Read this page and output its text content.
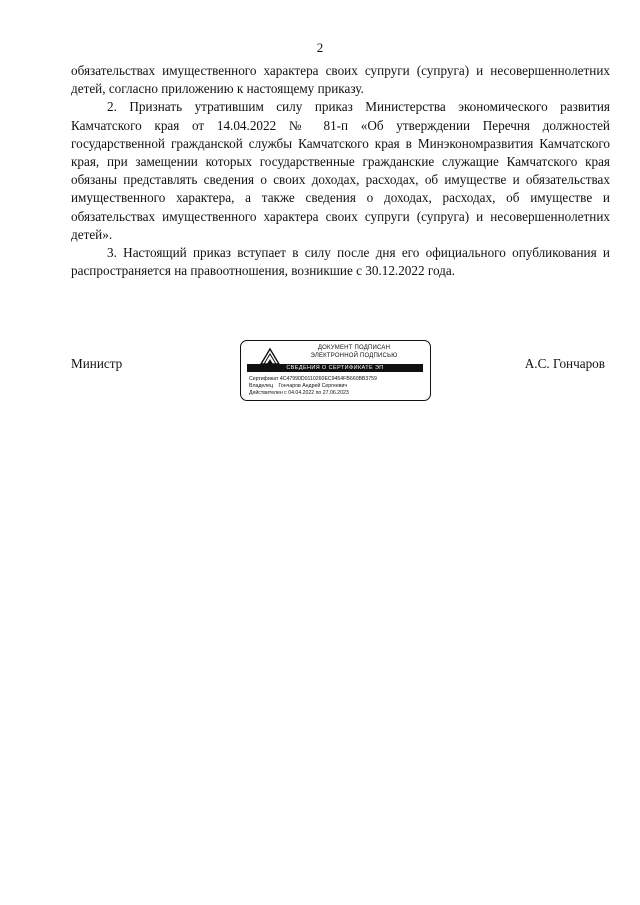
2

обязательствах имущественного характера своих супруги (супруга) и несовершеннолетних детей, согласно приложению к настоящему приказу.

2. Признать утратившим силу приказ Министерства экономического развития Камчатского края от 14.04.2022 № 81-п «Об утверждении Перечня должностей государственной гражданской службы Камчатского края в Минэкономразвития Камчатского края, при замещении которых государственные гражданские служащие Камчатского края обязаны представлять сведения о своих доходах, расходах, об имуществе и обязательствах имущественного характера, а также сведения о доходах, расходах, об имуществе и обязательствах имущественного характера своих супруги (супруга) и несовершеннолетних детей».

3. Настоящий приказ вступает в силу после дня его официального опубликования и распространяется на правоотношения, возникшие с 30.12.2022 года.

Министр
ДОКУМЕНТ ПОДПИСАН
ЭЛЕКТРОННОЙ ПОДПИСЬЮ
СВЕДЕНИЯ О СЕРТИФИКАТЕ ЭП
Сертификат 4C47990D0110260EC9454FB660BB3759
Владелец Гончаров Андрей Сергеевич
Действителен с 04.04.2022 по 27.06.2023
А.С. Гончаров
